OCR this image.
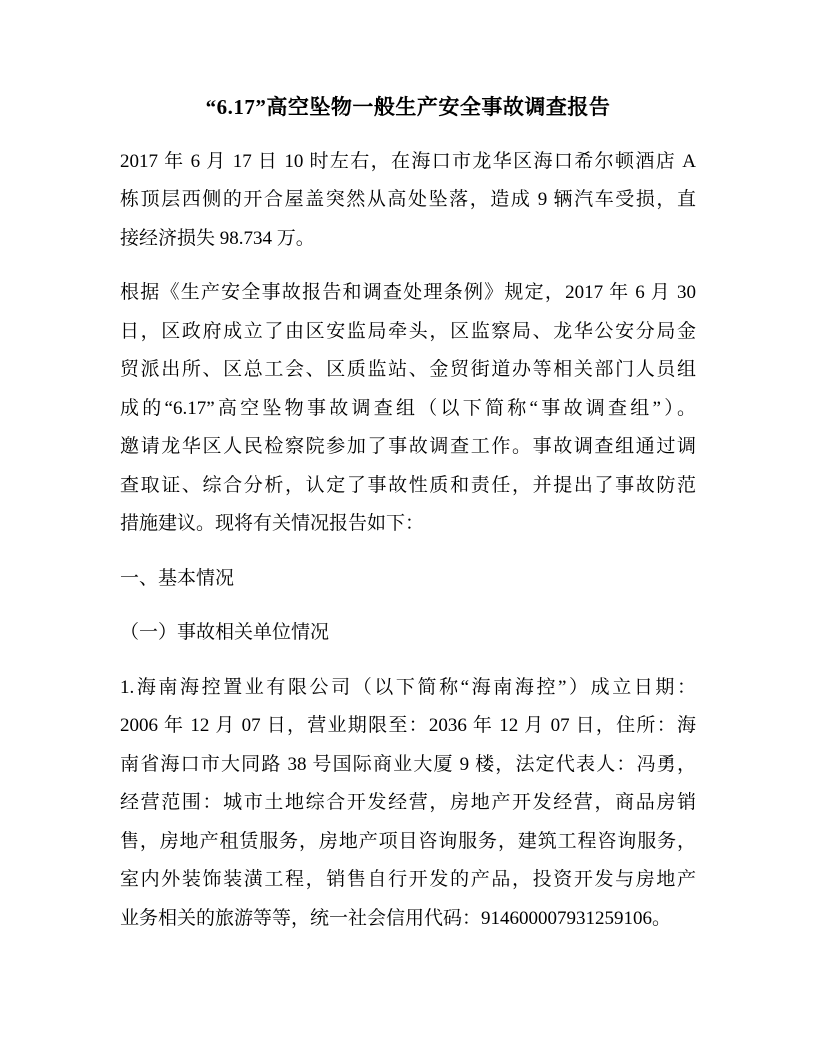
“6.17”高空坠物一般生产安全事故调查报告
2017 年 6 月 17 日 10 时左右，在海口市龙华区海口希尔顿酒店 A
栋顶层西侧的开合屋盖突然从高处坠落，造成 9 辆汽车受损，直
接经济损失 98.734 万。
根据《生产安全事故报告和调查处理条例》规定，2017 年 6 月 30
日，区政府成立了由区安监局牵头，区监察局、龙华公安分局金
贸派出所、区总工会、区质监站、金贸街道办等相关部门人员组
成的“6.17”高空坠物事故调查组（以下简称“事故调查组”）。
邀请龙华区人民检察院参加了事故调查工作。事故调查组通过调
查取证、综合分析，认定了事故性质和责任，并提出了事故防范
措施建议。现将有关情况报告如下：
一、基本情况
（一）事故相关单位情况
1.海南海控置业有限公司（以下简称“海南海控”）成立日期：
2006 年 12 月 07 日，营业期限至：2036 年 12 月 07 日，住所：海
南省海口市大同路 38 号国际商业大厦 9 楼，法定代表人：冯勇，
经营范围：城市土地综合开发经营，房地产开发经营，商品房销
售，房地产租赁服务，房地产项目咨询服务，建筑工程咨询服务，
室内外装饰装潢工程，销售自行开发的产品，投资开发与房地产
业务相关的旅游等等，统一社会信用代码：914600007931259106。
